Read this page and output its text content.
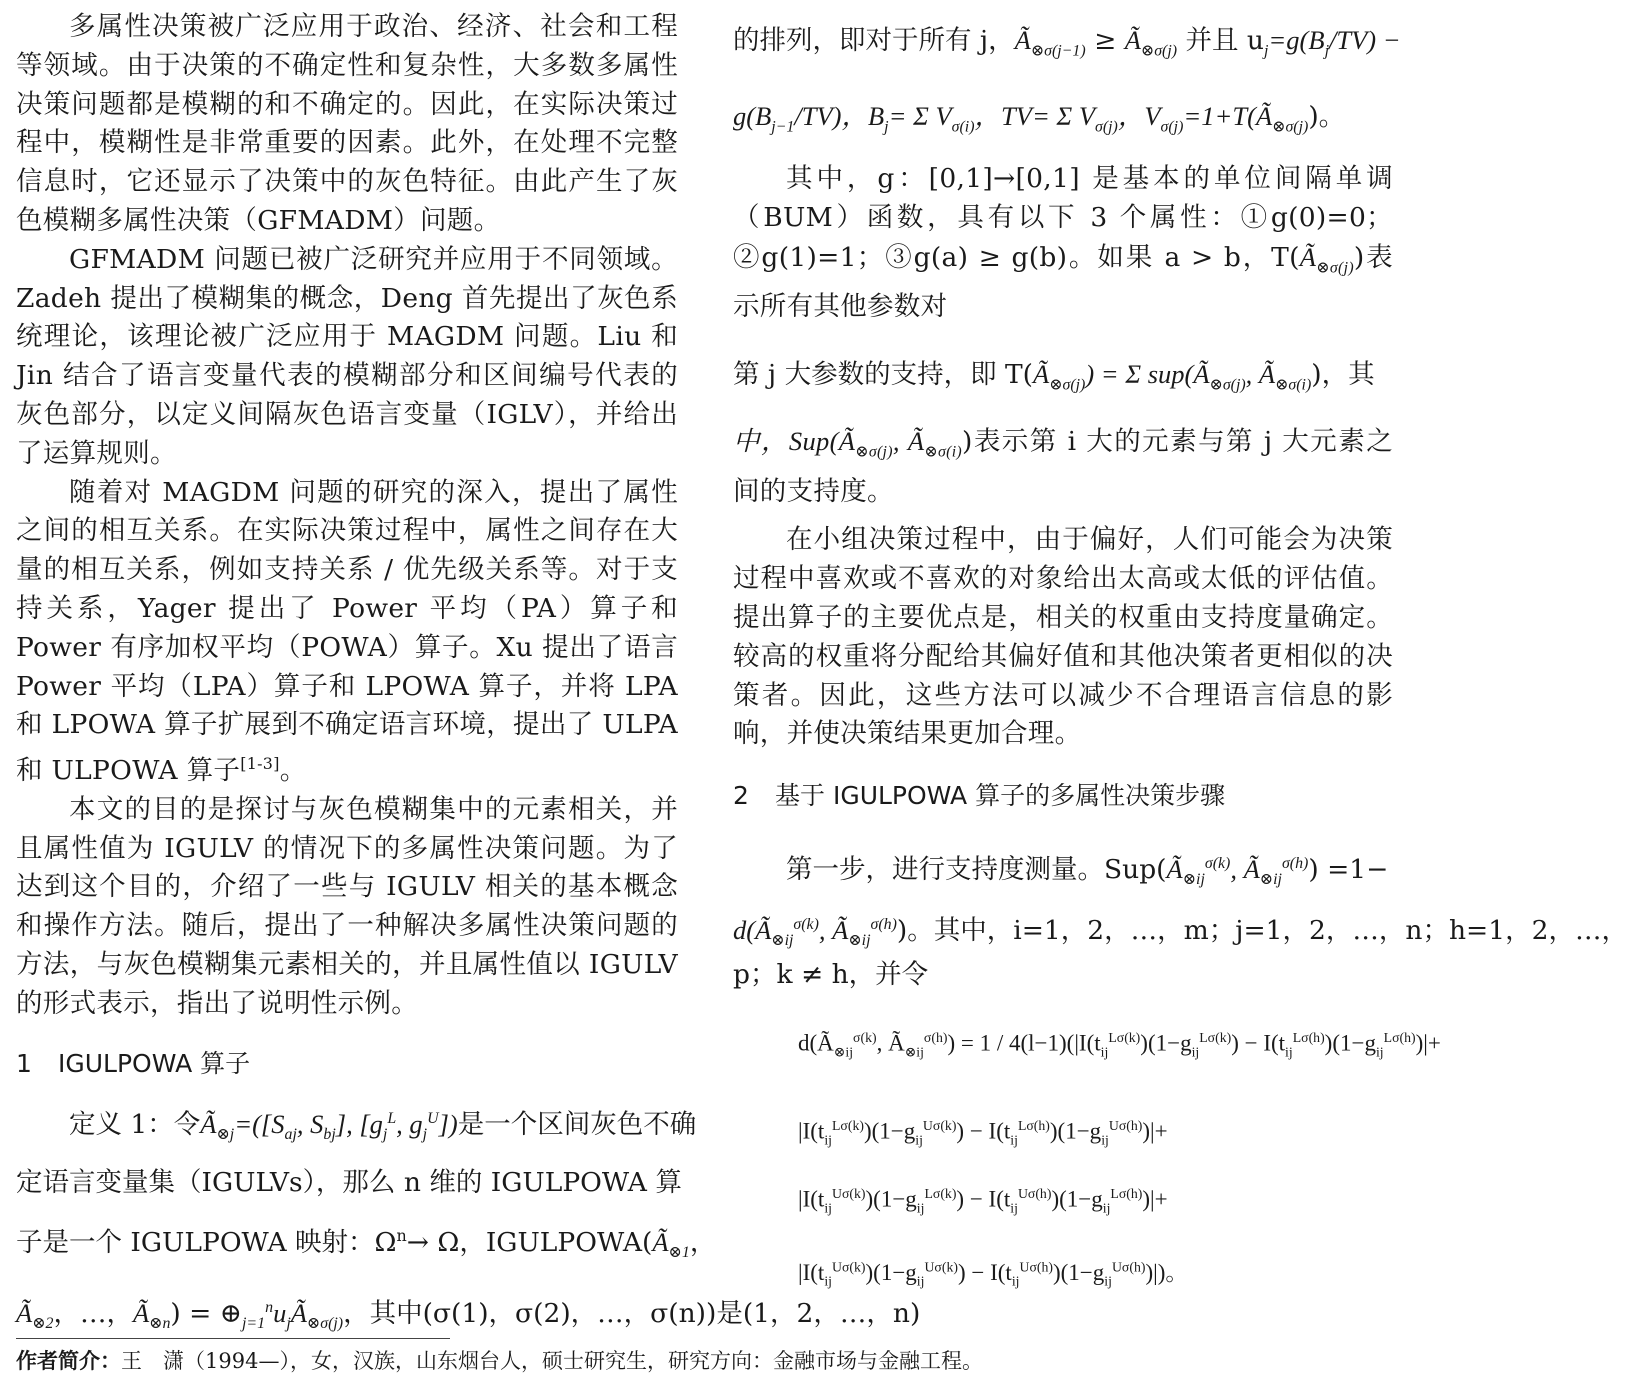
多属性决策被广泛应用于政治、经济、社会和工程等领域。由于决策的不确定性和复杂性，大多数多属性决策问题都是模糊的和不确定的。因此，在实际决策过程中，模糊性是非常重要的因素。此外，在处理不完整信息时，它还显示了决策中的灰色特征。由此产生了灰色模糊多属性决策（GFMADM）问题。

GFMADM 问题已被广泛研究并应用于不同领域。Zadeh 提出了模糊集的概念，Deng 首先提出了灰色系统理论，该理论被广泛应用于 MAGDM 问题。Liu 和 Jin 结合了语言变量代表的模糊部分和区间编号代表的灰色部分，以定义间隔灰色语言变量（IGLV），并给出了运算规则。

随着对 MAGDM 问题的研究的深入，提出了属性之间的相互关系。在实际决策过程中，属性之间存在大量的相互关系，例如支持关系 / 优先级关系等。对于支持关系，Yager 提出了 Power 平均（PA）算子和 Power 有序加权平均（POWA）算子。Xu 提出了语言 Power 平均（LPA）算子和 LPOWA 算子，并将 LPA 和 LPOWA 算子扩展到不确定语言环境，提出了 ULPA 和 ULPOWA 算子[1-3]。

本文的目的是探讨与灰色模糊集中的元素相关，并且属性值为 IGULV 的情况下的多属性决策问题。为了达到这个目的，介绍了一些与 IGULV 相关的基本概念和操作方法。随后，提出了一种解决多属性决策问题的方法，与灰色模糊集元素相关的，并且属性值以 IGULV 的形式表示，指出了说明性示例。

1 IGULPOWA 算子
定义 1：令$Ã_{\otimes j}=([S_{aj}$, $S_{bj}$], [$g_j^L$, $g_j^U$])是一个区间灰色不确
定语言变量集（IGULVs），那么 n 维的 IGULPOWA 算
子是一个 IGULPOWA 映射：$\Omega^n\to \Omega$，$IGULPOWA(Ã_{\otimes 1}$，
$Ã_{\otimes 2}$，…，$Ã_{\otimes n}$) = $\oplus_{j=1}^nu_jÃ_{\otimes\sigma(j)}$，其中(σ(1)，σ(2)，…，σ(n))是(1，2，…，n)
的排列，即对于所有 j，$Ã_{\otimes\sigma(j-1)}$ ≥ $Ã_{\otimes\sigma(j)}$ 并且 $u_j=g(B_j/TV)$ −
$g(B_{j-1}/TV)$，$B_j= \Sigma$ $V_{\sigma(i)}$，TV= Σ $V_{\sigma(j)}$，$V_{\sigma(j)}=1+T(Ã_{\otimes\sigma(j)})$。

其中，g：[0,1]→[0,1] 是基本的单位间隔单调（BUM）函数，具有以下 3 个属性：①g(0)=0；②g(1)=1；③g(a) ≥ g(b)。如果 a > b，$T(Ã_{\otimes\sigma(j)})$表示所有其他参数对

第 j 大参数的支持，即 $T(Ã_{\otimes\sigma(j)}) = \Sigma$ $sup(Ã_{\otimes\sigma(j)}$, $Ã_{\otimes\sigma(i)}$)，其

中，$Sup(Ã_{\otimes\sigma(j)}$, $Ã_{\otimes\sigma(i)}$)表示第 i 大的元素与第 j 大元素之间的支持度。

在小组决策过程中，由于偏好，人们可能会为决策过程中喜欢或不喜欢的对象给出太高或太低的评估值。提出算子的主要优点是，相关的权重由支持度量确定。较高的权重将分配给其偏好值和其他决策者更相似的决策者。因此，这些方法可以减少不合理语言信息的影响，并使决策结果更加合理。

2 基于 IGULPOWA 算子的多属性决策步骤
第一步，进行支持度测量。$Sup(Ã_{\otimes ij}^{\sigma(k)}$, $Ã_{\otimes ij}^{\sigma(h)}) =1-$
$d(Ã_{\otimes ij}^{\sigma(k)}$, $Ã_{\otimes ij}^{\sigma(h)}$)。其中，i=1，2，…，m；j=1，2，…，n；h=1，2，…，
p；k ≠ h，并令
$d(Ã_{\otimes ij}^{\sigma(k)}$, $Ã_{\otimes ij}^{\sigma(h)}) = 1 / 4(l-1)(|I(t_{ij}^{L\sigma(k)})(1-g_{ij}^{L\sigma(k)}) - I(t_{ij}^{L\sigma(h)})(1-g_{ij}^{L\sigma(h)})|+$
$|I(t_{ij}^{L\sigma(k)})(1-g_{ij}^{U\sigma(k)}) - I(t_{ij}^{L\sigma(h)})(1-g_{ij}^{U\sigma(h)})|+$
$|I(t_{ij}^{U\sigma(k)})(1-g_{ij}^{L\sigma(k)}) - I(t_{ij}^{U\sigma(h)})(1-g_{ij}^{L\sigma(h)})|+$
$|I(t_{ij}^{U\sigma(k)})(1-g_{ij}^{U\sigma(k)}) - I(t_{ij}^{U\sigma(h)})(1-g_{ij}^{U\sigma(h)})|$)。
作者简介：王　潇（1994—），女，汉族，山东烟台人，硕士研究生，研究方向：金融市场与金融工程。
